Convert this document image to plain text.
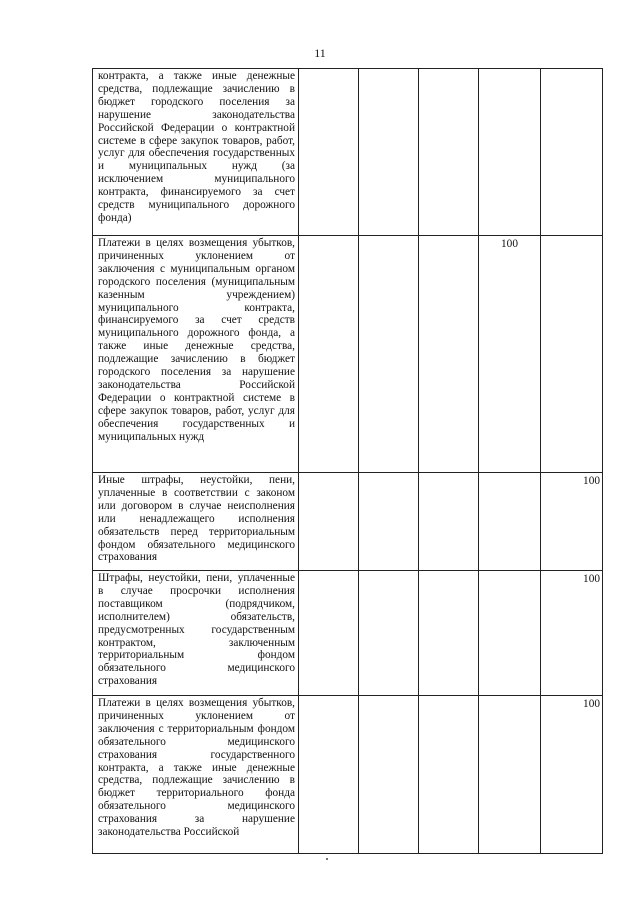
11
контракта, а также иные денежные средства, подлежащие зачислению в бюджет городского поселения за нарушение законодательства Российской Федерации о контрактной системе в сфере закупок товаров, работ, услуг для обеспечения государственных и муниципальных нужд (за исключением муниципального контракта, финансируемого за счет средств муниципального дорожного фонда)					

Платежи в целях возмещения убытков, причиненных уклонением от заключения с муниципальным органом городского поселения (муниципальным казенным учреждением) муниципального контракта, финансируемого за счет средств муниципального дорожного фонда, а также иные денежные средства, подлежащие зачислению в бюджет городского поселения за нарушение законодательства Российской Федерации о контрактной системе в сфере закупок товаров, работ, услуг для обеспечения государственных и муниципальных нужд				100	

Иные штрафы, неустойки, пени, уплаченные в соответствии с законом или договором в случае неисполнения или ненадлежащего исполнения обязательств перед территориальным фондом обязательного медицинского страхования					100

Штрафы, неустойки, пени, уплаченные в случае просрочки исполнения поставщиком (подрядчиком, исполнителем) обязательств, предусмотренных государственным контрактом, заключенным территориальным фондом обязательного медицинского страхования					100

Платежи в целях возмещения убытков, причиненных уклонением от заключения с территориальным фондом обязательного медицинского страхования государственного контракта, а также иные денежные средства, подлежащие зачислению в бюджет территориального фонда обязательного медицинского страхования за нарушение законодательства Российской					100
